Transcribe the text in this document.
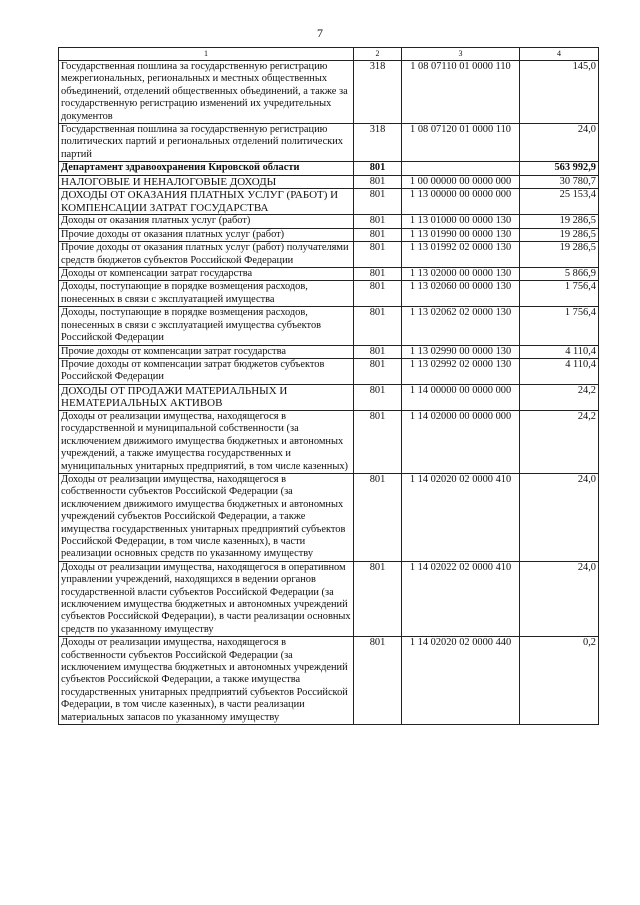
7
1	2	3	4
Государственная пошлина за государственную регистрацию межрегиональных, региональных и местных общественных объединений, отделений общественных объединений, а также за государственную регистрацию изменений их учредительных документов	318	1 08 07110 01 0000 110	145,0
Государственная пошлина за государственную регистрацию политических партий и региональных отделений политических партий	318	1 08 07120 01 0000 110	24,0
Департамент здравоохранения Кировской области	801		563 992,9
НАЛОГОВЫЕ И НЕНАЛОГОВЫЕ ДОХОДЫ	801	1 00 00000 00 0000 000	30 780,7
ДОХОДЫ ОТ ОКАЗАНИЯ ПЛАТНЫХ УСЛУГ (РАБОТ) И КОМПЕНСАЦИИ ЗАТРАТ ГОСУДАРСТВА	801	1 13 00000 00 0000 000	25 153,4
Доходы от оказания платных услуг (работ)	801	1 13 01000 00 0000 130	19 286,5
Прочие доходы от оказания платных услуг (работ)	801	1 13 01990 00 0000 130	19 286,5
Прочие доходы от оказания платных услуг (работ) получателями средств бюджетов субъектов Российской Федерации	801	1 13 01992 02 0000 130	19 286,5
Доходы от компенсации затрат государства	801	1 13 02000 00 0000 130	5 866,9
Доходы, поступающие в порядке возмещения расходов, понесенных в связи с эксплуатацией имущества	801	1 13 02060 00 0000 130	1 756,4
Доходы, поступающие в порядке возмещения расходов, понесенных в связи с эксплуатацией имущества субъектов Российской Федерации	801	1 13 02062 02 0000 130	1 756,4
Прочие доходы от компенсации затрат государства	801	1 13 02990 00 0000 130	4 110,4
Прочие доходы от компенсации затрат бюджетов субъектов Российской Федерации	801	1 13 02992 02 0000 130	4 110,4
ДОХОДЫ ОТ ПРОДАЖИ МАТЕРИАЛЬНЫХ И НЕМАТЕРИАЛЬНЫХ АКТИВОВ	801	1 14 00000 00 0000 000	24,2
Доходы от реализации имущества, находящегося в государственной и муниципальной собственности (за исключением движимого имущества бюджетных и автономных учреждений, а также имущества государственных и муниципальных унитарных предприятий, в том числе казенных)	801	1 14 02000 00 0000 000	24,2
Доходы от реализации имущества, находящегося в собственности субъектов Российской Федерации (за исключением движимого имущества бюджетных и автономных учреждений субъектов Российской Федерации, а также имущества государственных унитарных предприятий субъектов Российской Федерации, в том числе казенных), в части реализации основных средств по указанному имуществу	801	1 14 02020 02 0000 410	24,0
Доходы от реализации имущества, находящегося в оперативном управлении учреждений, находящихся в ведении органов государственной власти субъектов Российской Федерации (за исключением имущества бюджетных и автономных учреждений субъектов Российской Федерации), в части реализации основных средств по указанному имуществу	801	1 14 02022 02 0000 410	24,0
Доходы от реализации имущества, находящегося в собственности субъектов Российской Федерации (за исключением имущества бюджетных и автономных учреждений субъектов Российской Федерации, а также имущества государственных унитарных предприятий субъектов Российской Федерации, в том числе казенных), в части реализации материальных запасов по указанному имуществу	801	1 14 02020 02 0000 440	0,2
